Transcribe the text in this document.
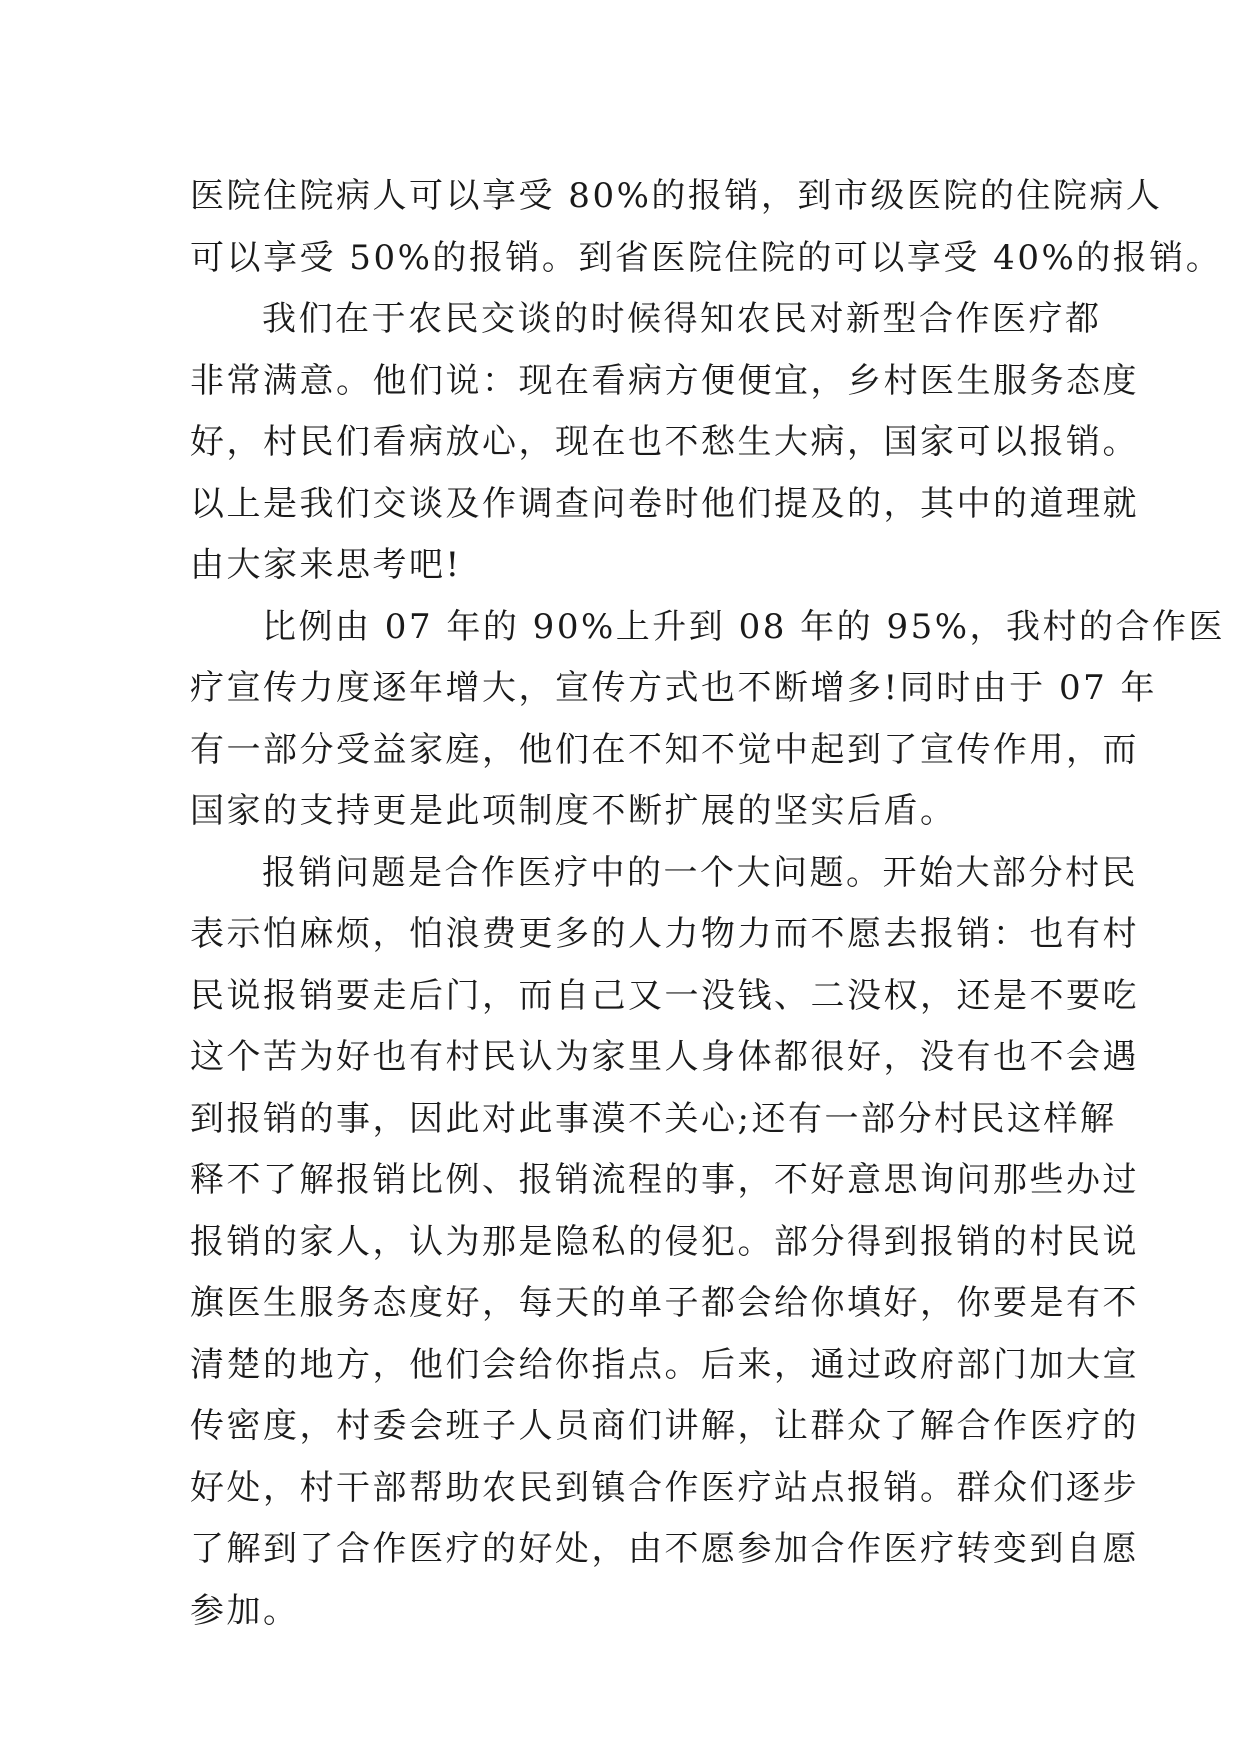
医院住院病人可以享受 80%的报销，到市级医院的住院病人
可以享受 50%的报销。到省医院住院的可以享受 40%的报销。

我们在于农民交谈的时候得知农民对新型合作医疗都
非常满意。他们说：现在看病方便便宜，乡村医生服务态度
好，村民们看病放心，现在也不愁生大病，国家可以报销。
以上是我们交谈及作调查问卷时他们提及的，其中的道理就
由大家来思考吧!

比例由 07 年的 90%上升到 08 年的 95%，我村的合作医
疗宣传力度逐年增大，宣传方式也不断增多!同时由于 07 年
有一部分受益家庭，他们在不知不觉中起到了宣传作用，而
国家的支持更是此项制度不断扩展的坚实后盾。

报销问题是合作医疗中的一个大问题。开始大部分村民
表示怕麻烦，怕浪费更多的人力物力而不愿去报销：也有村
民说报销要走后门，而自己又一没钱、二没权，还是不要吃
这个苦为好也有村民认为家里人身体都很好，没有也不会遇
到报销的事，因此对此事漠不关心;还有一部分村民这样解
释不了解报销比例、报销流程的事，不好意思询问那些办过
报销的家人，认为那是隐私的侵犯。部分得到报销的村民说
旗医生服务态度好，每天的单子都会给你填好，你要是有不
清楚的地方，他们会给你指点。后来，通过政府部门加大宣
传密度，村委会班子人员商们讲解，让群众了解合作医疗的
好处，村干部帮助农民到镇合作医疗站点报销。群众们逐步
了解到了合作医疗的好处，由不愿参加合作医疗转变到自愿
参加。
